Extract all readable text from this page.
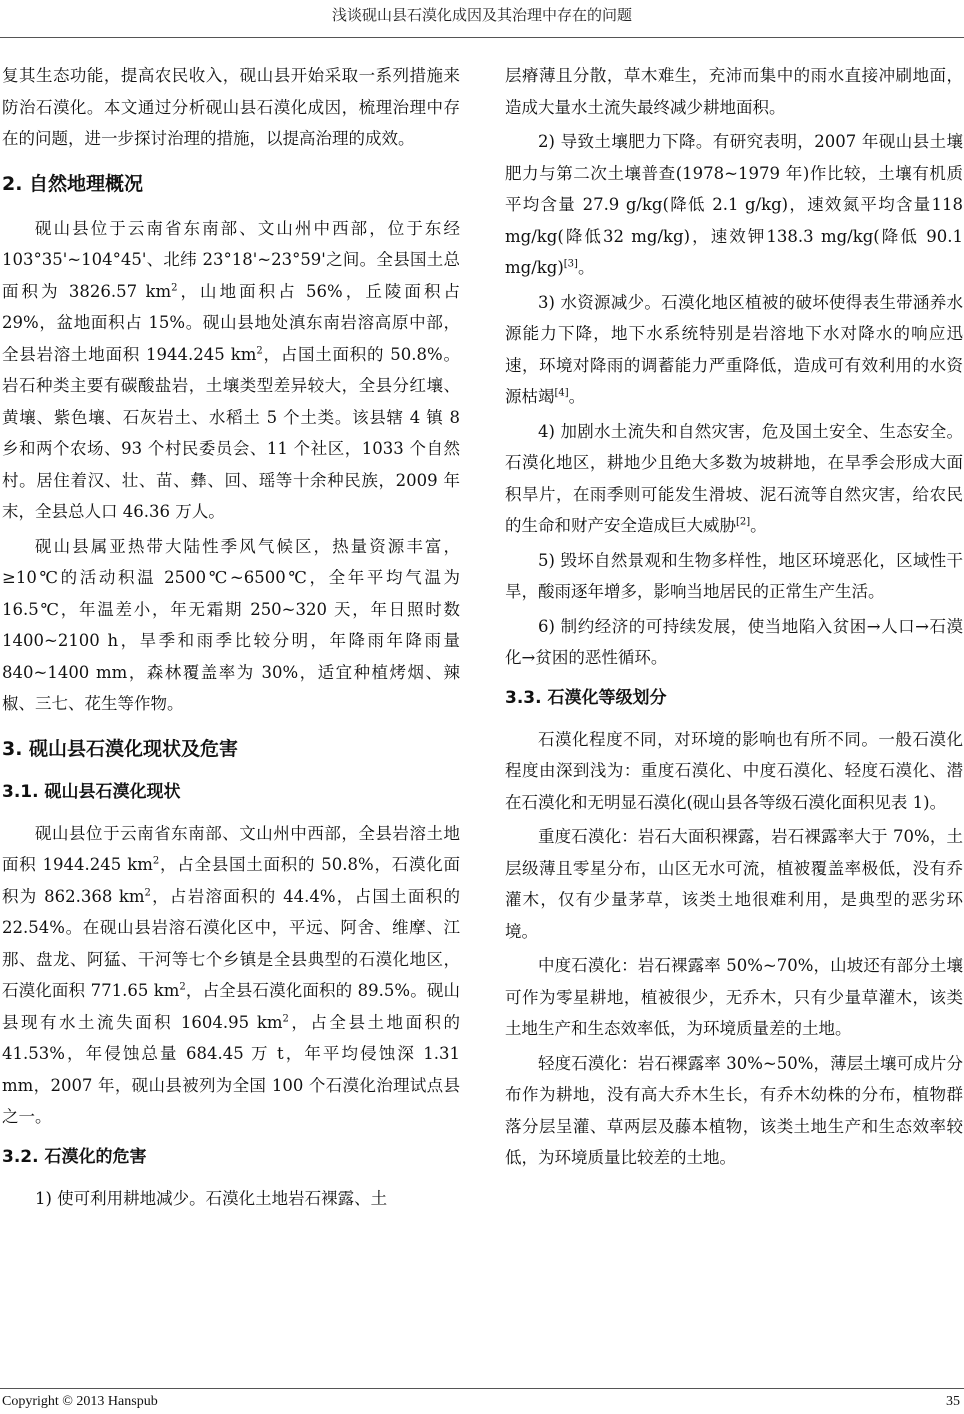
浅谈砚山县石漠化成因及其治理中存在的问题

复其生态功能，提高农民收入，砚山县开始采取一系列措施来防治石漠化。本文通过分析砚山县石漠化成因，梳理治理中存在的问题，进一步探讨治理的措施，以提高治理的成效。

2. 自然地理概况

砚山县位于云南省东南部、文山州中西部，位于东经 103°35'~104°45'、北纬 23°18'~23°59'之间。全县国土总面积为 3826.57 $km^2$，山地面积占 56%，丘陵面积占 29%，盆地面积占 15%。砚山县地处滇东南岩溶高原中部，全县岩溶土地面积 1944.245 $km^2$，占国土面积的 50.8%。岩石种类主要有碳酸盐岩，土壤类型差异较大，全县分红壤、黄壤、紫色壤、石灰岩土、水稻土 5 个土类。该县辖 4 镇 8 乡和两个农场、93 个村民委员会、11 个社区，1033 个自然村。居住着汉、壮、苗、彝、回、瑶等十余种民族，2009 年末，全县总人口 46.36 万人。

砚山县属亚热带大陆性季风气候区，热量资源丰富，≥10℃的活动积温 2500℃~6500℃，全年平均气温为 16.5℃，年温差小，年无霜期 250~320 天，年日照时数 1400~2100 h，旱季和雨季比较分明，年降雨年降雨量 840~1400 mm，森林覆盖率为 30%，适宜种植烤烟、辣椒、三七、花生等作物。

3. 砚山县石漠化现状及危害
3.1. 砚山县石漠化现状

砚山县位于云南省东南部、文山州中西部，全县岩溶土地面积 1944.245 $km^2$，占全县国土面积的 50.8%，石漠化面积为 862.368 $km^2$，占岩溶面积的 44.4%，占国土面积的 22.54%。在砚山县岩溶石漠化区中，平远、阿舍、维摩、江那、盘龙、阿猛、干河等七个乡镇是全县典型的石漠化地区，石漠化面积 771.65 $km^2$，占全县石漠化面积的 89.5%。砚山县现有水土流失面积 1604.95 $km^2$，占全县土地面积的 41.53%，年侵蚀总量 684.45 万 t，年平均侵蚀深 1.31 mm，2007 年，砚山县被列为全国 100 个石漠化治理试点县之一。

3.2. 石漠化的危害

1) 使可利用耕地减少。石漠化土地岩石裸露、土

层瘠薄且分散，草木难生，充沛而集中的雨水直接冲刷地面，造成大量水土流失最终减少耕地面积。

2) 导致土壤肥力下降。有研究表明，2007 年砚山县土壤肥力与第二次土壤普查(1978~1979 年)作比较，土壤有机质平均含量 27.9 g/kg(降低 2.1 g/kg)，速效氮平均含量118 mg/kg(降低32 mg/kg)，速效钾138.3 mg/kg(降低 90.1 mg/kg)[3]。

3) 水资源减少。石漠化地区植被的破坏使得表生带涵养水源能力下降，地下水系统特别是岩溶地下水对降水的响应迅速，环境对降雨的调蓄能力严重降低，造成可有效利用的水资源枯竭[4]。

4) 加剧水土流失和自然灾害，危及国土安全、生态安全。石漠化地区，耕地少且绝大多数为坡耕地，在旱季会形成大面积旱片，在雨季则可能发生滑坡、泥石流等自然灾害，给农民的生命和财产安全造成巨大威胁[2]。

5) 毁坏自然景观和生物多样性，地区环境恶化，区域性干旱，酸雨逐年增多，影响当地居民的正常生产生活。

6) 制约经济的可持续发展，使当地陷入贫困→人口→石漠化→贫困的恶性循环。

3.3. 石漠化等级划分

石漠化程度不同，对环境的影响也有所不同。一般石漠化程度由深到浅为：重度石漠化、中度石漠化、轻度石漠化、潜在石漠化和无明显石漠化(砚山县各等级石漠化面积见表 1)。

重度石漠化：岩石大面积裸露，岩石裸露率大于 70%，土层级薄且零星分布，山区无水可流，植被覆盖率极低，没有乔灌木，仅有少量茅草，该类土地很难利用，是典型的恶劣环境。

中度石漠化：岩石裸露率 50%~70%，山坡还有部分土壤可作为零星耕地，植被很少，无乔木，只有少量草灌木，该类土地生产和生态效率低，为环境质量差的土地。

轻度石漠化：岩石裸露率 30%~50%，薄层土壤可成片分布作为耕地，没有高大乔木生长，有乔木幼株的分布，植物群落分层呈灌、草两层及藤本植物，该类土地生产和生态效率较低，为环境质量比较差的土地。

Copyright © 2013 Hanspub	35
